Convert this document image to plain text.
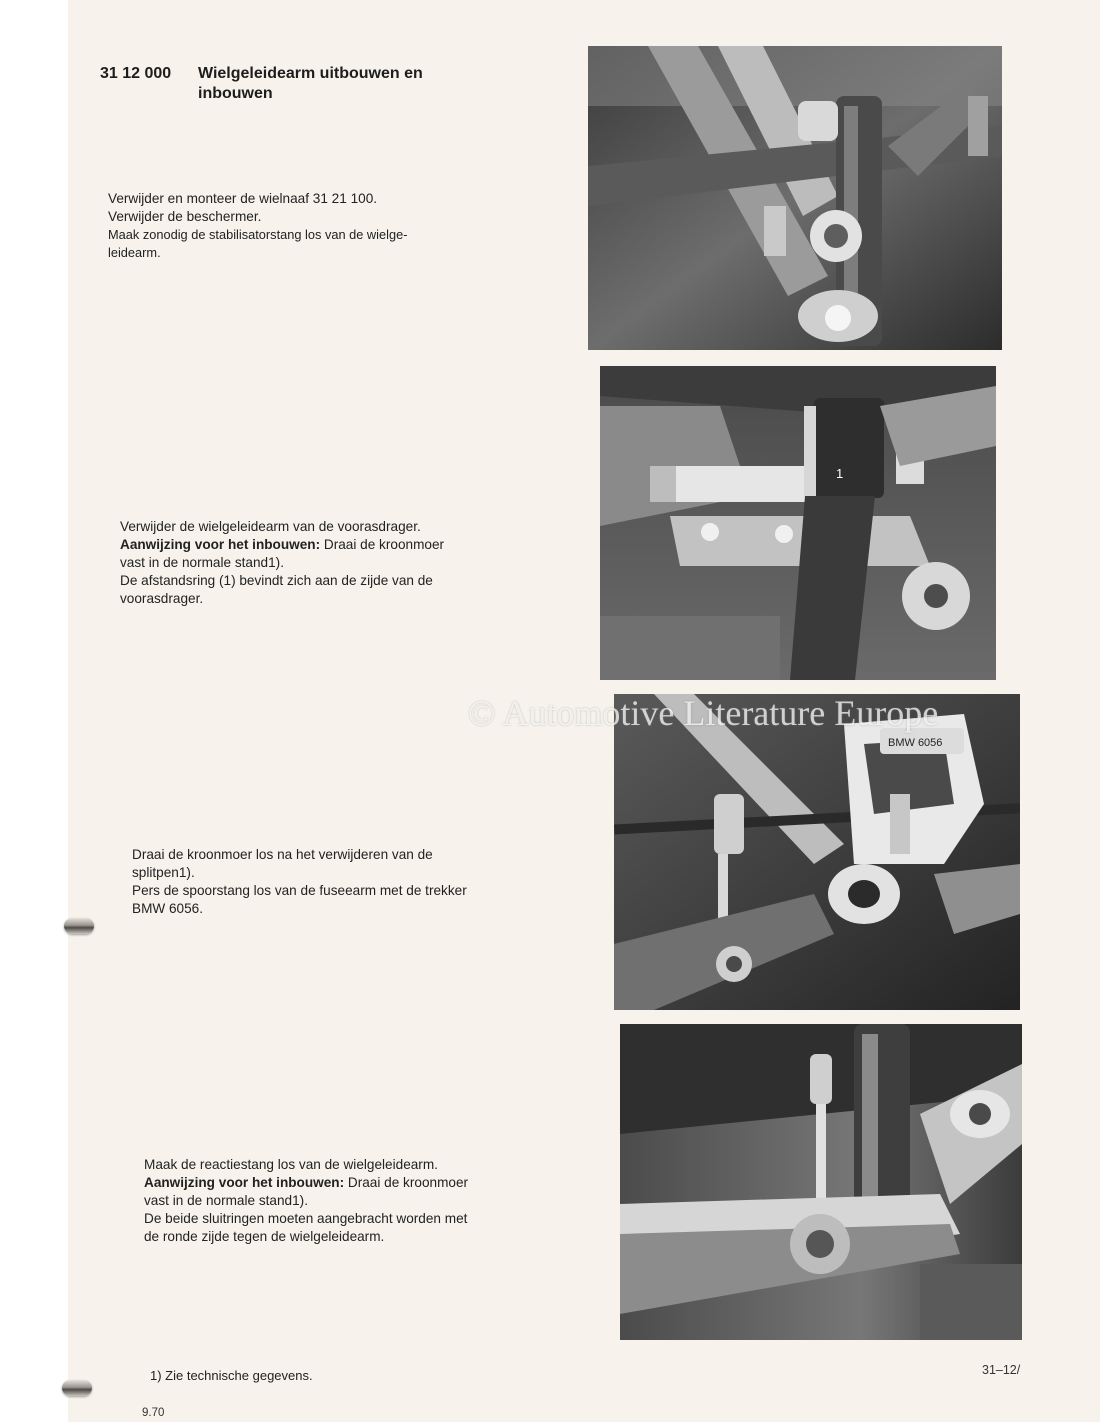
31 12 000 Wielgeleidearm uitbouwen en
inbouwen

Verwijder en monteer de wielnaaf 31 21 100.

Verwijder de beschermer.

Maak zonodig de stabilisatorstang los van de wielge-

leidearm.

Verwijder de wielgeleidearm van de voorasdrager.

Aanwijzing voor het inbouwen: Draai de kroonmoer

vast in de normale stand1).

De afstandsring (1) bevindt zich aan de zijde van de

voorasdrager.

Draai de kroonmoer los na het verwijderen van de

splitpen1).

Pers de spoorstang los van de fuseearm met de trekker

BMW 6056.

Maak de reactiestang los van de wielgeleidearm.

Aanwijzing voor het inbouwen: Draai de kroonmoer

vast in de normale stand1).

De beide sluitringen moeten aangebracht worden met

de ronde zijde tegen de wielgeleidearm.

1
BMW 6056
© Automotive Literature Europe
1) Zie technische gegevens.
9.70
31–12/
